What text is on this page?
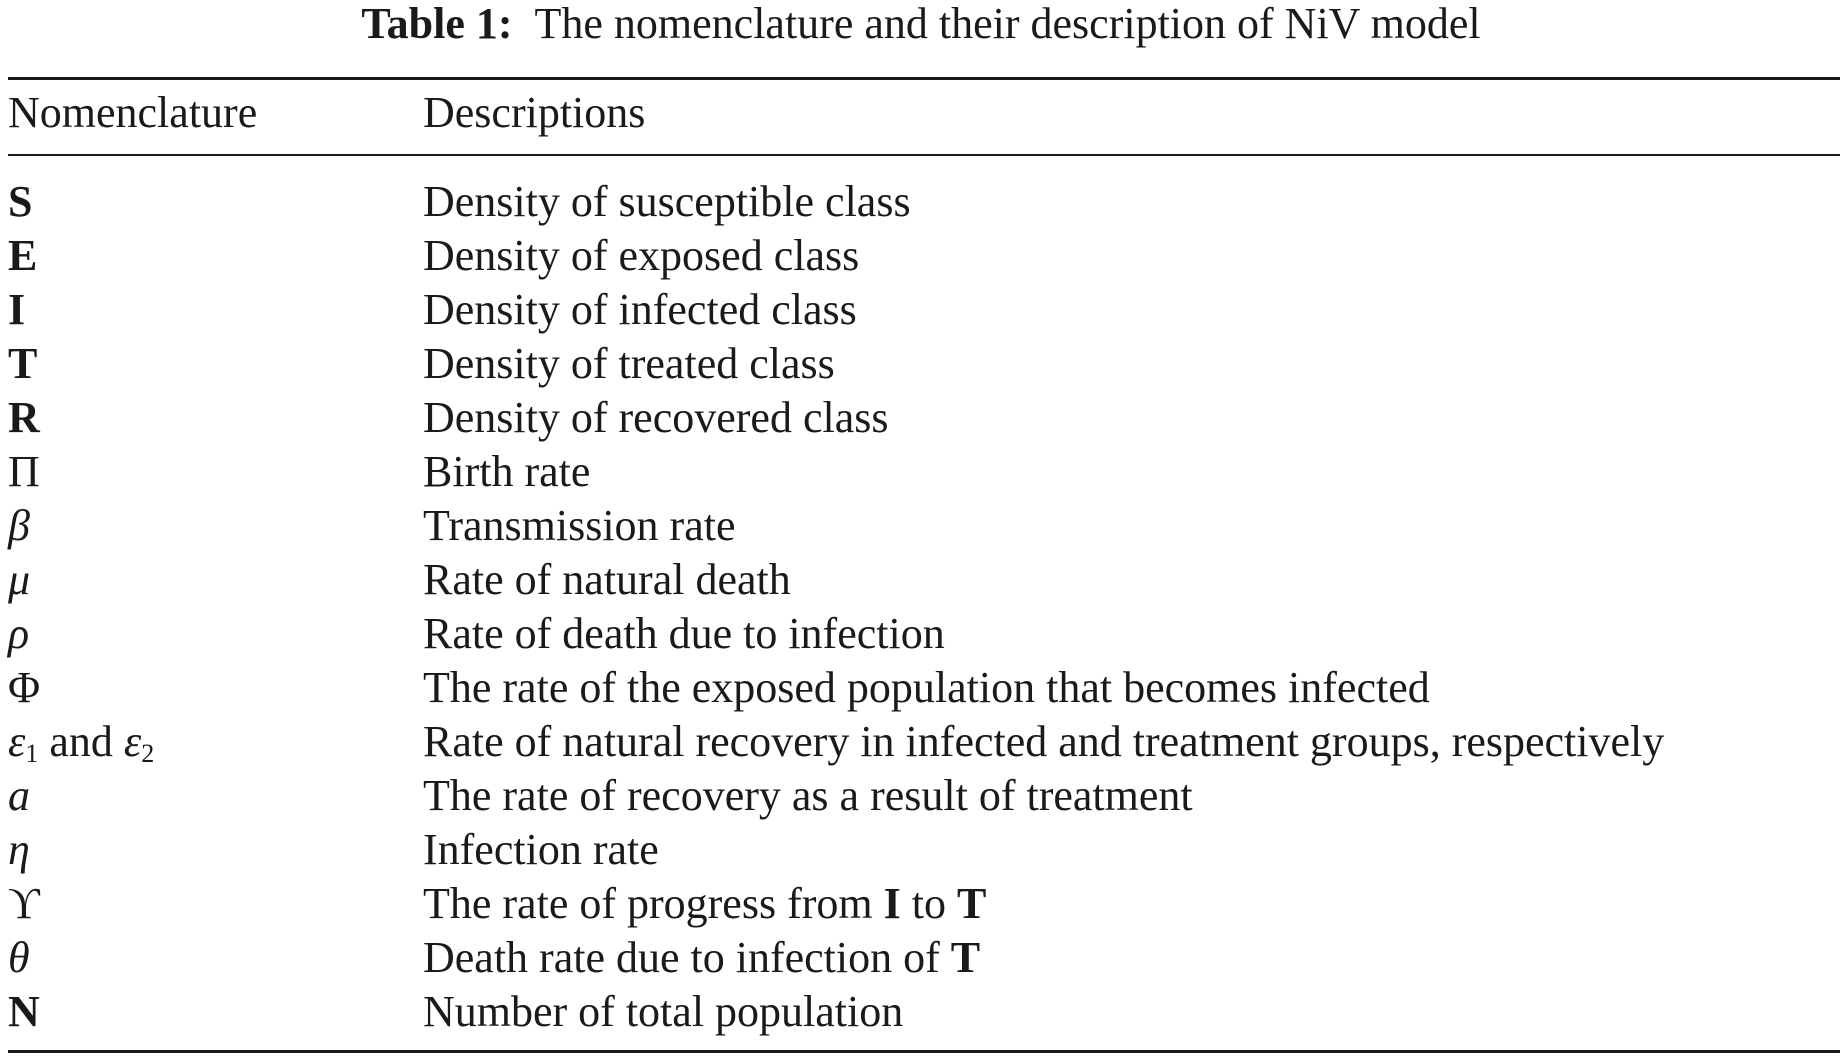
Table 1: The nomenclature and their description of NiV model
Nomenclature	Descriptions
S	Density of susceptible class
E	Density of exposed class
I	Density of infected class
T	Density of treated class
R	Density of recovered class
Π	Birth rate
β	Transmission rate
μ	Rate of natural death
ρ	Rate of death due to infection
Φ	The rate of the exposed population that becomes infected
$\varepsilon_1$ and $\varepsilon_2$	Rate of natural recovery in infected and treatment groups, respectively
a	The rate of recovery as a result of treatment
η	Infection rate
ϒ	The rate of progress from I to T
θ	Death rate due to infection of T
N	Number of total population
